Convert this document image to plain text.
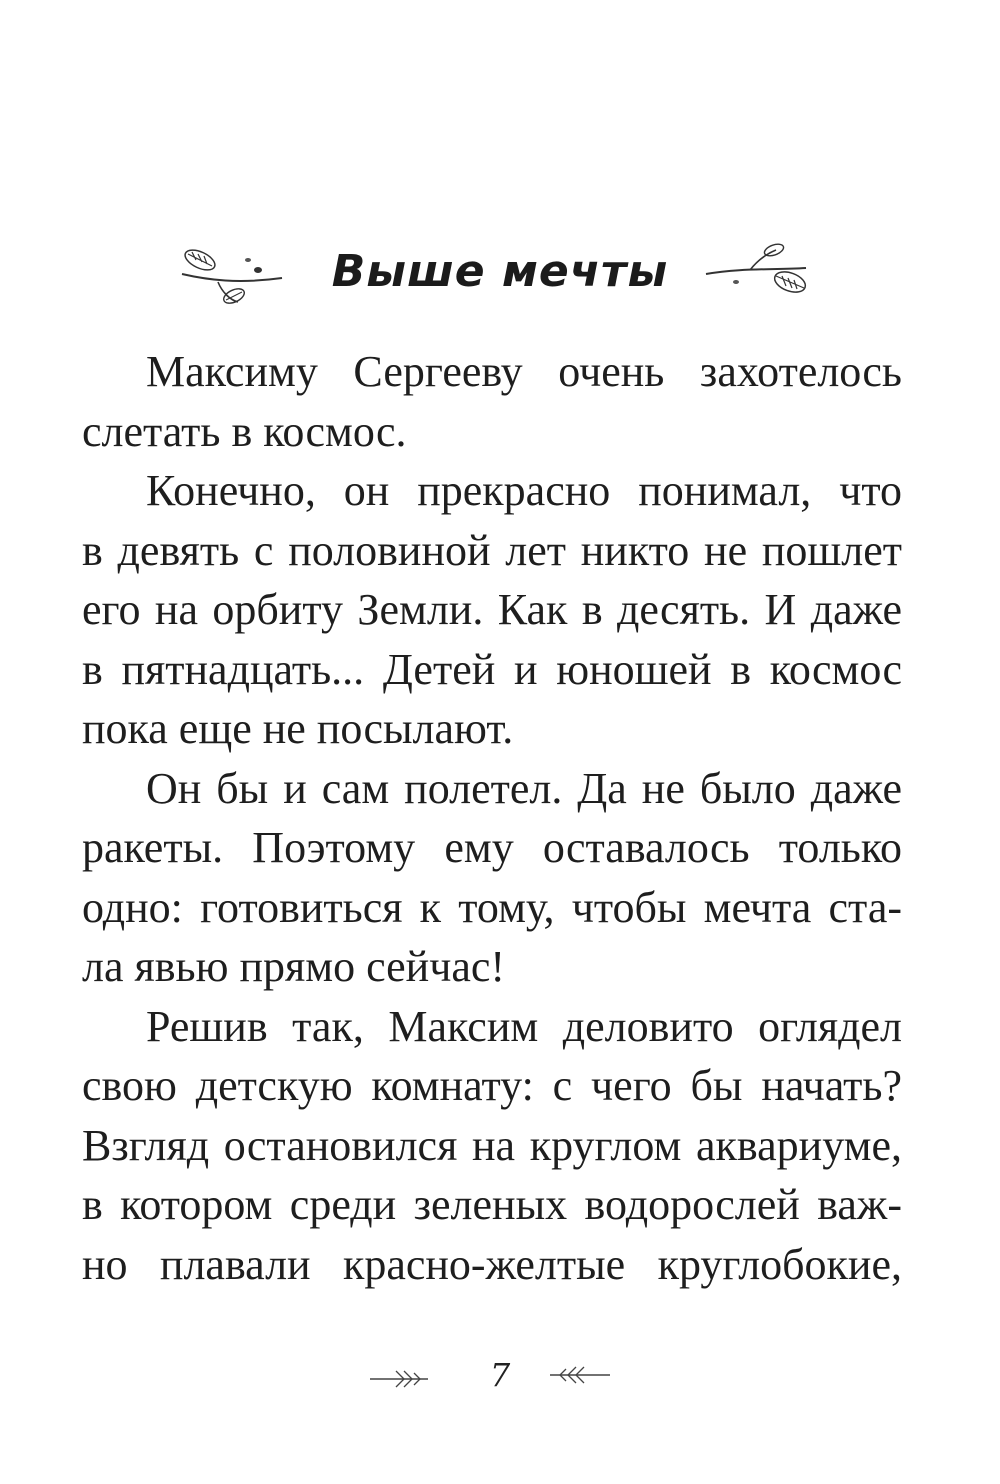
Выше мечты
Максиму Сергееву очень захотелось
слетать в космос.
Конечно, он прекрасно понимал, что
в девять с половиной лет никто не пошлет
его на орбиту Земли. Как в десять. И даже
в пятнадцать... Детей и юношей в космос
пока еще не посылают.
Он бы и сам полетел. Да не было даже
ракеты. Поэтому ему оставалось только
одно: готовиться к тому, чтобы мечта ста-
ла явью прямо сейчас!
Решив так, Максим деловито оглядел
свою детскую комнату: с чего бы начать?
Взгляд остановился на круглом аквариуме,
в котором среди зеленых водорослей важ-
но плавали красно-желтые круглобокие,
7
